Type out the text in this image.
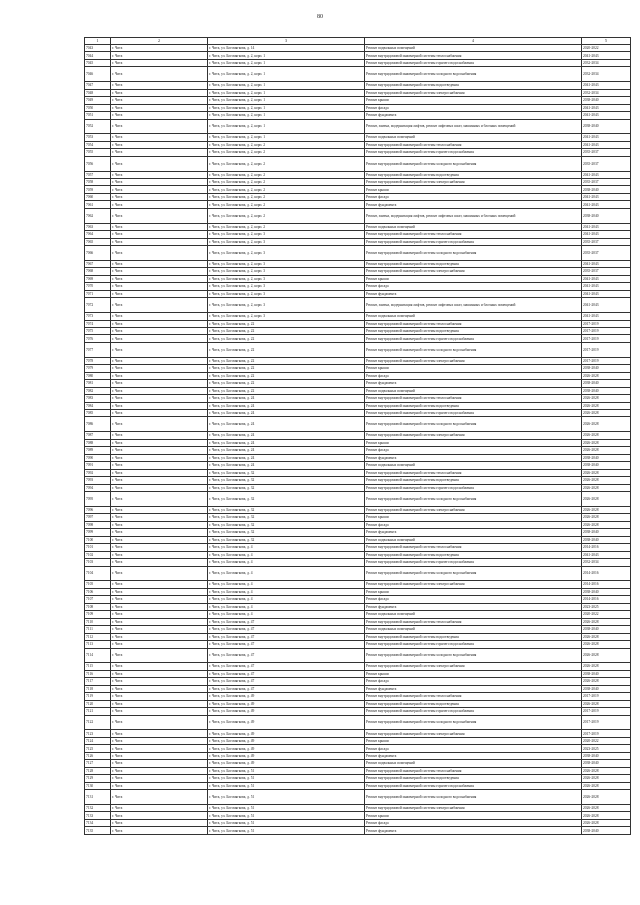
80
1	2	3	4	5
7043	г. Чита	г. Чита, ул. Богомягкова, д. 14	Ремонт подвальных помещений	2020-2022
7044	г. Чита	г. Чита, ул. Богомягкова, д. 2, корп. 1	Ремонт внутридомовой инженерной системы теплоснабжения	2041-2043
7045	г. Чита	г. Чита, ул. Богомягкова, д. 2, корп. 1	Ремонт внутридомовой инженерной системы горячего водоснабжения	2032-2034
7046	г. Чита	г. Чита, ул. Богомягкова, д. 2, корп. 1	Ремонт внутридомовой инженерной системы холодного водоснабжения	2032-2034
7047	г. Чита	г. Чита, ул. Богомягкова, д. 2, корп. 1	Ремонт внутридомовой инженерной системы водоотведения	2041-2043
7048	г. Чита	г. Чита, ул. Богомягкова, д. 2, корп. 1	Ремонт внутридомовой инженерной системы электроснабжения	2032-2034
7049	г. Чита	г. Чита, ул. Богомягкова, д. 2, корп. 1	Ремонт крыши	2038-2040
7050	г. Чита	г. Чита, ул. Богомягкова, д. 2, корп. 1	Ремонт фасада	2041-2043
7051	г. Чита	г. Чита, ул. Богомягкова, д. 2, корп. 1	Ремонт фундамента	2041-2043
7052	г. Чита	г. Чита, ул. Богомягкова, д. 2, корп. 1	Ремонт, замена, модернизация лифтов, ремонт лифтовых шахт, машинных и блочных помещений	2038-2040
7053	г. Чита	г. Чита, ул. Богомягкова, д. 2, корп. 1	Ремонт подвальных помещений	2041-2043
7054	г. Чита	г. Чита, ул. Богомягкова, д. 2, корп. 2	Ремонт внутридомовой инженерной системы теплоснабжения	2041-2043
7055	г. Чита	г. Чита, ул. Богомягкова, д. 2, корп. 2	Ремонт внутридомовой инженерной системы горячего водоснабжения	2035-2037
7056	г. Чита	г. Чита, ул. Богомягкова, д. 2, корп. 2	Ремонт внутридомовой инженерной системы холодного водоснабжения	2035-2037
7057	г. Чита	г. Чита, ул. Богомягкова, д. 2, корп. 2	Ремонт внутридомовой инженерной системы водоотведения	2041-2043
7058	г. Чита	г. Чита, ул. Богомягкова, д. 2, корп. 2	Ремонт внутридомовой инженерной системы электроснабжения	2035-2037
7059	г. Чита	г. Чита, ул. Богомягкова, д. 2, корп. 2	Ремонт крыши	2038-2040
7060	г. Чита	г. Чита, ул. Богомягкова, д. 2, корп. 2	Ремонт фасада	2041-2043
7061	г. Чита	г. Чита, ул. Богомягкова, д. 2, корп. 2	Ремонт фундамента	2041-2043
7062	г. Чита	г. Чита, ул. Богомягкова, д. 2, корп. 2	Ремонт, замена, модернизация лифтов, ремонт лифтовых шахт, машинных и блочных помещений	2038-2040
7063	г. Чита	г. Чита, ул. Богомягкова, д. 2, корп. 2	Ремонт подвальных помещений	2041-2043
7064	г. Чита	г. Чита, ул. Богомягкова, д. 2, корп. 3	Ремонт внутридомовой инженерной системы теплоснабжения	2041-2043
7065	г. Чита	г. Чита, ул. Богомягкова, д. 2, корп. 3	Ремонт внутридомовой инженерной системы горячего водоснабжения	2035-2037
7066	г. Чита	г. Чита, ул. Богомягкова, д. 2, корп. 3	Ремонт внутридомовой инженерной системы холодного водоснабжения	2035-2037
7067	г. Чита	г. Чита, ул. Богомягкова, д. 2, корп. 3	Ремонт внутридомовой инженерной системы водоотведения	2041-2043
7068	г. Чита	г. Чита, ул. Богомягкова, д. 2, корп. 3	Ремонт внутридомовой инженерной системы электроснабжения	2035-2037
7069	г. Чита	г. Чита, ул. Богомягкова, д. 2, корп. 3	Ремонт крыши	2041-2043
7070	г. Чита	г. Чита, ул. Богомягкова, д. 2, корп. 3	Ремонт фасада	2041-2043
7071	г. Чита	г. Чита, ул. Богомягкова, д. 2, корп. 3	Ремонт фундамента	2041-2043
7072	г. Чита	г. Чита, ул. Богомягкова, д. 2, корп. 3	Ремонт, замена, модернизация лифтов, ремонт лифтовых шахт, машинных и блочных помещений	2041-2043
7073	г. Чита	г. Чита, ул. Богомягкова, д. 2, корп. 3	Ремонт подвальных помещений	2041-2043
7074	г. Чита	г. Чита, ул. Богомягкова, д. 22	Ремонт внутридомовой инженерной системы теплоснабжения	2017-2019
7075	г. Чита	г. Чита, ул. Богомягкова, д. 22	Ремонт внутридомовой инженерной системы водоотведения	2017-2019
7076	г. Чита	г. Чита, ул. Богомягкова, д. 22	Ремонт внутридомовой инженерной системы горячего водоснабжения	2017-2019
7077	г. Чита	г. Чита, ул. Богомягкова, д. 22	Ремонт внутридомовой инженерной системы холодного водоснабжения	2017-2019
7078	г. Чита	г. Чита, ул. Богомягкова, д. 22	Ремонт внутридомовой инженерной системы электроснабжения	2017-2019
7079	г. Чита	г. Чита, ул. Богомягкова, д. 22	Ремонт крыши	2038-2040
7080	г. Чита	г. Чита, ул. Богомягкова, д. 22	Ремонт фасада	2026-2028
7081	г. Чита	г. Чита, ул. Богомягкова, д. 22	Ремонт фундамента	2038-2040
7082	г. Чита	г. Чита, ул. Богомягкова, д. 22	Ремонт подвальных помещений	2038-2040
7083	г. Чита	г. Чита, ул. Богомягкова, д. 24	Ремонт внутридомовой инженерной системы теплоснабжения	2026-2028
7084	г. Чита	г. Чита, ул. Богомягкова, д. 24	Ремонт внутридомовой инженерной системы водоотведения	2026-2028
7085	г. Чита	г. Чита, ул. Богомягкова, д. 24	Ремонт внутридомовой инженерной системы горячего водоснабжения	2026-2028
7086	г. Чита	г. Чита, ул. Богомягкова, д. 24	Ремонт внутридомовой инженерной системы холодного водоснабжения	2026-2028
7087	г. Чита	г. Чита, ул. Богомягкова, д. 24	Ремонт внутридомовой инженерной системы электроснабжения	2026-2028
7088	г. Чита	г. Чита, ул. Богомягкова, д. 24	Ремонт крыши	2026-2028
7089	г. Чита	г. Чита, ул. Богомягкова, д. 24	Ремонт фасада	2026-2028
7090	г. Чита	г. Чита, ул. Богомягкова, д. 24	Ремонт фундамента	2038-2040
7091	г. Чита	г. Чита, ул. Богомягкова, д. 24	Ремонт подвальных помещений	2038-2040
7092	г. Чита	г. Чита, ул. Богомягкова, д. 32	Ремонт внутридомовой инженерной системы теплоснабжения	2026-2028
7093	г. Чита	г. Чита, ул. Богомягкова, д. 32	Ремонт внутридомовой инженерной системы водоотведения	2026-2028
7094	г. Чита	г. Чита, ул. Богомягкова, д. 32	Ремонт внутридомовой инженерной системы горячего водоснабжения	2026-2028
7095	г. Чита	г. Чита, ул. Богомягкова, д. 32	Ремонт внутридомовой инженерной системы холодного водоснабжения	2026-2028
7096	г. Чита	г. Чита, ул. Богомягкова, д. 32	Ремонт внутридомовой инженерной системы электроснабжения	2026-2028
7097	г. Чита	г. Чита, ул. Богомягкова, д. 32	Ремонт крыши	2026-2028
7098	г. Чита	г. Чита, ул. Богомягкова, д. 32	Ремонт фасада	2026-2028
7099	г. Чита	г. Чита, ул. Богомягкова, д. 32	Ремонт фундамента	2038-2040
7100	г. Чита	г. Чита, ул. Богомягкова, д. 32	Ремонт подвальных помещений	2038-2040
7101	г. Чита	г. Чита, ул. Богомягкова, д. 4	Ремонт внутридомовой инженерной системы теплоснабжения	2014-2016
7102	г. Чита	г. Чита, ул. Богомягкова, д. 4	Ремонт внутридомовой инженерной системы водоотведения	2041-2043
7103	г. Чита	г. Чита, ул. Богомягкова, д. 4	Ремонт внутридомовой инженерной системы горячего водоснабжения	2032-2034
7104	г. Чита	г. Чита, ул. Богомягкова, д. 4	Ремонт внутридомовой инженерной системы холодного водоснабжения	2014-2016
7105	г. Чита	г. Чита, ул. Богомягкова, д. 4	Ремонт внутридомовой инженерной системы электроснабжения	2014-2016
7106	г. Чита	г. Чита, ул. Богомягкова, д. 4	Ремонт крыши	2038-2040
7107	г. Чита	г. Чита, ул. Богомягкова, д. 4	Ремонт фасада	2014-2016
7108	г. Чита	г. Чита, ул. Богомягкова, д. 4	Ремонт фундамента	2023-2025
7109	г. Чита	г. Чита, ул. Богомягкова, д. 4	Ремонт подвальных помещений	2020-2022
7110	г. Чита	г. Чита, ул. Богомягкова, д. 47	Ремонт внутридомовой инженерной системы теплоснабжения	2026-2028
7111	г. Чита	г. Чита, ул. Богомягкова, д. 47	Ремонт подвальных помещений	2038-2040
7112	г. Чита	г. Чита, ул. Богомягкова, д. 47	Ремонт внутридомовой инженерной системы водоотведения	2026-2028
7113	г. Чита	г. Чита, ул. Богомягкова, д. 47	Ремонт внутридомовой инженерной системы горячего водоснабжения	2026-2028
7114	г. Чита	г. Чита, ул. Богомягкова, д. 47	Ремонт внутридомовой инженерной системы холодного водоснабжения	2026-2028
7115	г. Чита	г. Чита, ул. Богомягкова, д. 47	Ремонт внутридомовой инженерной системы электроснабжения	2026-2028
7116	г. Чита	г. Чита, ул. Богомягкова, д. 47	Ремонт крыши	2038-2040
7117	г. Чита	г. Чита, ул. Богомягкова, д. 47	Ремонт фасада	2026-2028
7118	г. Чита	г. Чита, ул. Богомягкова, д. 47	Ремонт фундамента	2038-2040
7119	г. Чита	г. Чита, ул. Богомягкова, д. 49	Ремонт внутридомовой инженерной системы теплоснабжения	2017-2019
7120	г. Чита	г. Чита, ул. Богомягкова, д. 49	Ремонт внутридомовой инженерной системы водоотведения	2026-2028
7121	г. Чита	г. Чита, ул. Богомягкова, д. 49	Ремонт внутридомовой инженерной системы горячего водоснабжения	2017-2019
7122	г. Чита	г. Чита, ул. Богомягкова, д. 49	Ремонт внутридомовой инженерной системы холодного водоснабжения	2017-2019
7123	г. Чита	г. Чита, ул. Богомягкова, д. 49	Ремонт внутридомовой инженерной системы электроснабжения	2017-2019
7124	г. Чита	г. Чита, ул. Богомягкова, д. 49	Ремонт крыши	2020-2022
7125	г. Чита	г. Чита, ул. Богомягкова, д. 49	Ремонт фасада	2023-2025
7126	г. Чита	г. Чита, ул. Богомягкова, д. 49	Ремонт фундамента	2038-2040
7127	г. Чита	г. Чита, ул. Богомягкова, д. 49	Ремонт подвальных помещений	2038-2040
7128	г. Чита	г. Чита, ул. Богомягкова, д. 51	Ремонт внутридомовой инженерной системы теплоснабжения	2026-2028
7129	г. Чита	г. Чита, ул. Богомягкова, д. 51	Ремонт внутридомовой инженерной системы водоотведения	2026-2028
7130	г. Чита	г. Чита, ул. Богомягкова, д. 51	Ремонт внутридомовой инженерной системы горячего водоснабжения	2026-2028
7131	г. Чита	г. Чита, ул. Богомягкова, д. 51	Ремонт внутридомовой инженерной системы холодного водоснабжения	2026-2028
7132	г. Чита	г. Чита, ул. Богомягкова, д. 51	Ремонт внутридомовой инженерной системы электроснабжения	2026-2028
7133	г. Чита	г. Чита, ул. Богомягкова, д. 51	Ремонт крыши	2026-2028
7134	г. Чита	г. Чита, ул. Богомягкова, д. 51	Ремонт фасада	2026-2028
7135	г. Чита	г. Чита, ул. Богомягкова, д. 51	Ремонт фундамента	2038-2040
